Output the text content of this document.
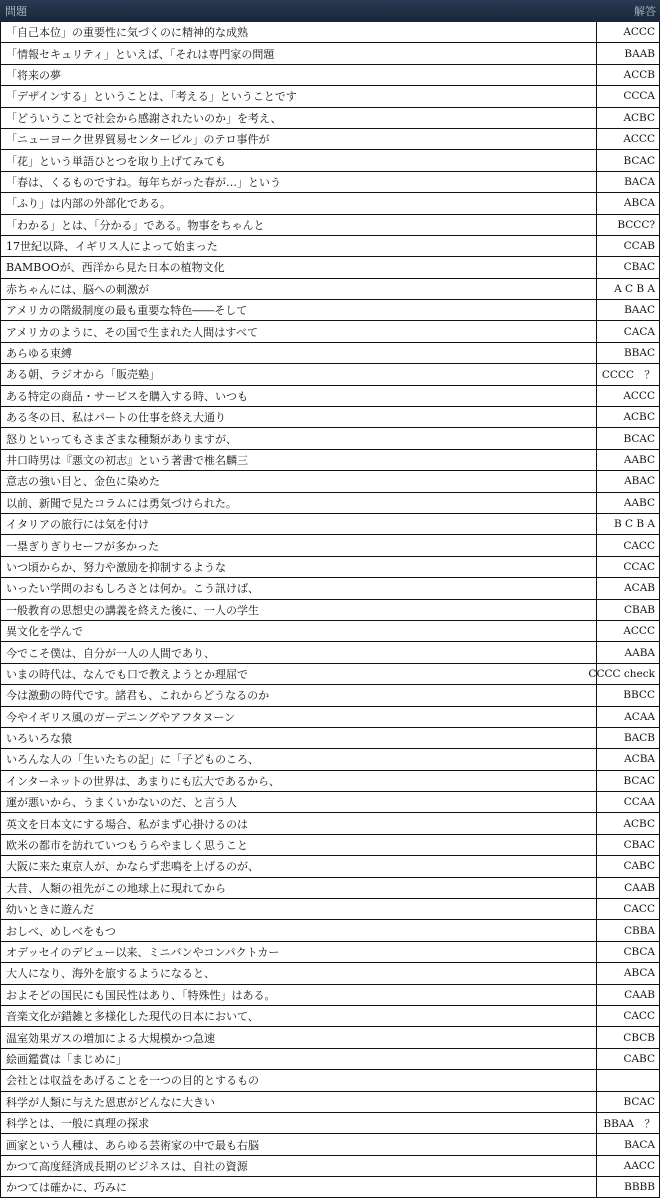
問題	解答
「自己本位」の重要性に気づくのに精神的な成熟	ACCC
「情報セキュリティ」といえば、「それは専門家の問題	BAAB
「将来の夢	ACCB
「デザインする」ということは、「考える」ということです	CCCA
「どういうことで社会から感謝されたいのか」を考え、	ACBC
「ニューヨーク世界貿易センタービル」のテロ事件が	ACCC
「花」という単語ひとつを取り上げてみても	BCAC
「春は、くるものですね。毎年ちがった春が…」という	BACA
「ふり」は内部の外部化である。	ABCA
「わかる」とは、「分かる」である。物事をちゃんと	BCCC?
17世紀以降、イギリス人によって始まった	CCAB
BAMBOOが、西洋から見た日本の植物文化	CBAC
赤ちゃんには、脳への刺激が	A C B A
アメリカの階級制度の最も重要な特色――そして	BAAC
アメリカのように、その国で生まれた人間はすべて	CACA
あらゆる束縛	BBAC
ある朝、ラジオから「販売塾」	CCCC　？
ある特定の商品・サービスを購入する時、いつも	ACCC
ある冬の日、私はパートの仕事を終え大通り	ACBC
怒りといってもさまざまな種類がありますが、	BCAC
井口時男は『悪文の初志』という著書で椎名麟三	AABC
意志の強い目と、金色に染めた	ABAC
以前、新聞で見たコラムには勇気づけられた。	AABC
イタリアの旅行には気を付け	B C B A
一塁ぎりぎりセーフが多かった	CACC
いつ頃からか、努力や激励を抑制するような	CCAC
いったい学問のおもしろさとは何か。こう訊けば、	ACAB
一般教育の思想史の講義を終えた後に、一人の学生	CBAB
異文化を学んで	ACCC
今でこそ僕は、自分が一人の人間であり、	AABA
いまの時代は、なんでも口で教えようとか理屈で	CCCC check
今は激動の時代です。諸君も、これからどうなるのか	BBCC
今やイギリス風のガーデニングやアフタヌーン	ACAA
いろいろな猿	BACB
いろんな人の「生いたちの記」に「子どものころ、	ACBA
インターネットの世界は、あまりにも広大であるから、	BCAC
運が悪いから、うまくいかないのだ、と言う人	CCAA
英文を日本文にする場合、私がまず心掛けるのは	ACBC
欧米の都市を訪れていつもうらやましく思うこと	CBAC
大阪に来た東京人が、かならず悲鳴を上げるのが、	CABC
大昔、人類の祖先がこの地球上に現れてから	CAAB
幼いときに遊んだ	CACC
おしべ、めしべをもつ	CBBA
オデッセイのデビュー以来、ミニバンやコンパクトカー	CBCA
大人になり、海外を旅するようになると、	ABCA
およそどの国民にも国民性はあり、「特殊性」はある。	CAAB
音楽文化が錯雑と多様化した現代の日本において、	CACC
温室効果ガスの増加による大規模かつ急速	CBCB
絵画鑑賞は「まじめに」	CABC
会社とは収益をあげることを一つの目的とするもの
科学が人類に与えた恩恵がどんなに大きい	BCAC
科学とは、一般に真理の探求	BBAA　？
画家という人種は、あらゆる芸術家の中で最も右脳	BACA
かつて高度経済成長期のビジネスは、自社の資源	AACC
かつては確かに、巧みに	BBBB
